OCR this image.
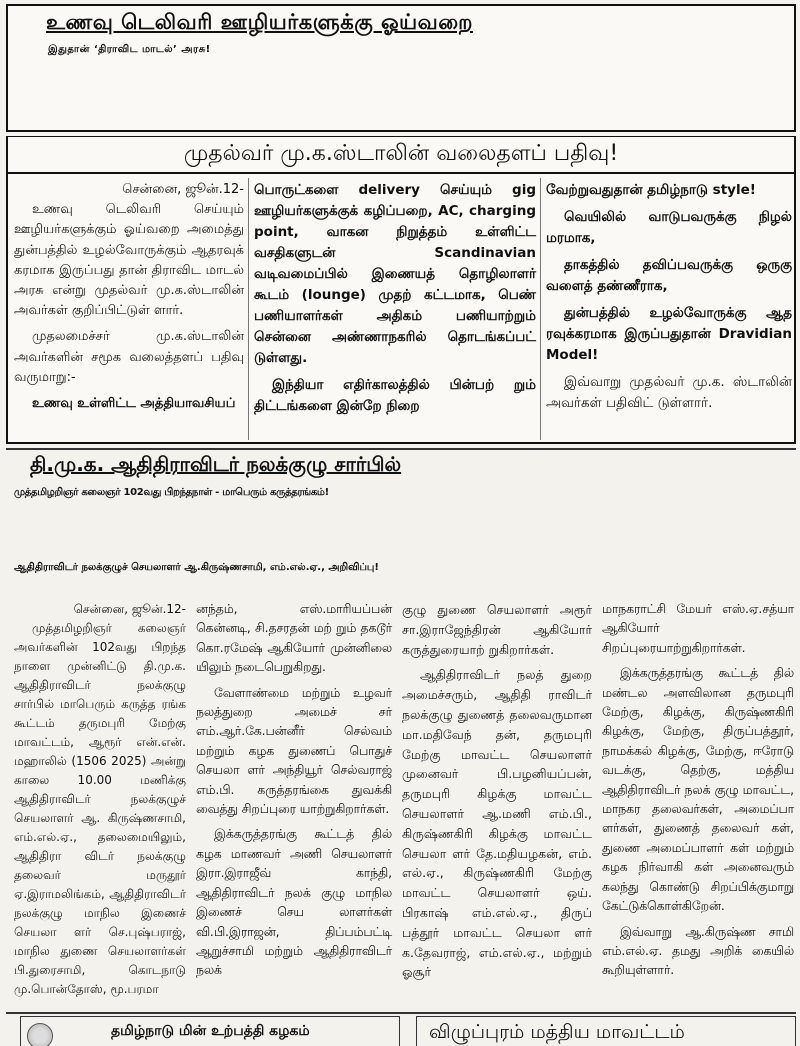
உணவு டெலிவரி ஊழியர்களுக்கு ஓய்வறை
இதுதான் ‘திராவிட மாடல்’ அரசு!
முதல்வர் மு.க.ஸ்டாலின் வலைதளப் பதிவு!
சென்னை, ஜூன்.12-
உணவு டெலிவரி செய்யும் ஊழியர்களுக்கும் ஓய்வறை அமைத்து துன்பத்தில் உழல்வோருக்கும் ஆதரவுக் கரமாக இருப்பது தான் திராவிட மாடல் அரசு என்று முதல்வர் மு.க.ஸ்டாலின் அவர்கள் குறிப்பிட்டுள் ளார்.
முதலமைச்சர் மு.க.ஸ்டாலின் அவர்களின் சமூக வலைத்தளப் பதிவு வருமாறு:-
உணவு உள்ளிட்ட அத்தியாவசியப்
பொருட்களை delivery செய்யும் gig ஊழியர்களுக்குக் கழிப்பறை, AC, charging point, வாகன நிறுத்தம் உள்ளிட்ட வசதிகளுடன் Scandinavian வடிவமைப்பில் இணையத் தொழிலாளர் கூடம் (lounge) முதற் கட்டமாக, பெண் பணியாளர்கள் அதிகம் பணியாற்றும் சென்னை அண்ணாநகரில் தொடங்கப்பட் டுள்ளது.
இந்தியா எதிர்காலத்தில் பின்பற் றும் திட்டங்களை இன்றே நிறை
வேற்றுவதுதான் தமிழ்நாடு style!
வெயிலில் வாடுபவருக்கு நிழல் மரமாக,
தாகத்தில் தவிப்பவருக்கு ஒருகு வளைத் தண்ணீராக,
துன்பத்தில் உழல்வோருக்கு ஆத ரவுக்கரமாக இருப்பதுதான் Dravidian Model!
இவ்வாறு முதல்வர் மு.க. ஸ்டாலின் அவர்கள் பதிவிட் டுள்ளார்.
தி.மு.க. ஆதிதிராவிடர் நலக்குழு சார்பில்
முத்தமிழறிஞர் கலைஞர் 102வது பிறந்தநாள் - மாபெரும் கருத்தரங்கம்!
ஆதிதிராவிடர் நலக்குழுச் செயலாளர் ஆ.கிருஷ்ணசாமி, எம்.எல்.ஏ., அறிவிப்பு!
சென்னை, ஜூன்.12-
முத்தமிழறிஞர் கலைஞர் அவர்களின் 102வது பிறந்த நாளை முன்னிட்டு தி.மு.க. ஆதிதிராவிடர் நலக்குழு சார்பில் மாபெரும் கருத்த ரங்க கூட்டம் தருமபுரி மேற்கு மாவட்டம், ஆரூர் என்.என். மஹாலில் (1506 2025) அன்று காலை 10.00 மணிக்கு ஆதிதிராவிடர் நலக்குழுச் செயலாளர் ஆ. கிருஷ்ணசாமி, எம்.எல்.ஏ., தலைமையிலும், ஆதிதிரா விடர் நலக்குழு தலைவர் மருதூர் ஏ.இராமலிங்கம், ஆதிதிராவிடர் நலக்குழு மாநில இணைச் செயலா ளர் செ.புஷ்பராஜ், மாநில துணை செயலாளர்கள் பி.துரைசாமி, கொடநாடு மு.பொன்தோஸ், மூ.பரமா
னந்தம், எஸ்.மாரியப்பன் கென்னடி, சி.தசரதன் மற் றும் தகடூர் கொ.ரமேஷ் ஆகியோர் முன்னிலை யிலும் நடைபெறுகிறது.
வேளாண்மை மற்றும் உழவர் நலத்துறை அமைச் சர் எம்.ஆர்.கே.பன்னீர் செல்வம் மற்றும் கழக துணைப் பொதுச் செயலா ளர் அந்தியூர் செல்வராஜ் எம்.பி. கருத்தரங்கை துவக்கி வைத்து சிறப்புரை யாற்றுகிறார்கள்.
இக்கருத்தரங்கு கூட்டத் தில் கழக மாணவர் அணி செயலாளர் இரா.இராஜீவ் காந்தி, ஆதிதிராவிடர் நலக் குழு மாநில இணைச் செய லாளர்கள் வி.பி.இராஜன், திப்பம்பட்டி ஆறுச்சாமி மற்றும் ஆதிதிராவிடர் நலக்
குழு துணை செயலாளர் அரூர் சா.இராஜேந்திரன் ஆகியோர் கருத்துரையாற் றுகிறார்கள்.
ஆதிதிராவிடர் நலத் துறை அமைச்சரும், ஆதிதி ராவிடர் நலக்குழு துணைத் தலைவருமான மா.மதிவேந் தன், தருமபுரி மேற்கு மாவட்ட செயலாளர் முனைவர் பி.பழனியப்பன், தருமபுரி கிழக்கு மாவட்ட செயலாளர் ஆ.மணி எம்.பி., கிருஷ்ணகிரி கிழக்கு மாவட்ட செயலா ளர் தே.மதியழகன், எம். எல்.ஏ., கிருஷ்ணகிரி மேற்கு மாவட்ட செயலாளர் ஒய். பிரகாஷ் எம்.எல்.ஏ., திருப் பத்தூர் மாவட்ட செயலா ளர் க.தேவராஜ், எம்.எல்.ஏ., மற்றும் ஓசூர்
மாநகராட்சி மேயர் எஸ்.ஏ.சத்யா ஆகியோர் சிறப்புரையாற்றுகிறார்கள்.
இக்கருத்தரங்கு கூட்டத் தில் மண்டல அளவிலான தருமபுரி மேற்கு, கிழக்கு, கிருஷ்ணகிரி கிழக்கு, மேற்கு, திருப்பத்தூர், நாமக்கல் கிழக்கு, மேற்கு, ஈரோடு வடக்கு, தெற்கு, மத்திய ஆதிதிராவிடர் நலக் குழு மாவட்ட, மாநகர தலைவர்கள், அமைப்பா ளர்கள், துணைத் தலைவர் கள், துணை அமைப்பாளர் கள் மற்றும் கழக நிர்வாகி கள் அனைவரும் கலந்து கொண்டு சிறப்பிக்குமாறு கேட்டுக்கொள்கிறேன்.
இவ்வாறு ஆ.கிருஷ்ண சாமி எம்.எல்.ஏ. தமது அறிக் கையில் கூறியுள்ளார்.
தமிழ்நாடு மின் உற்பத்தி கழகம்	விழுப்புரம் மத்திய மாவட்டம்
